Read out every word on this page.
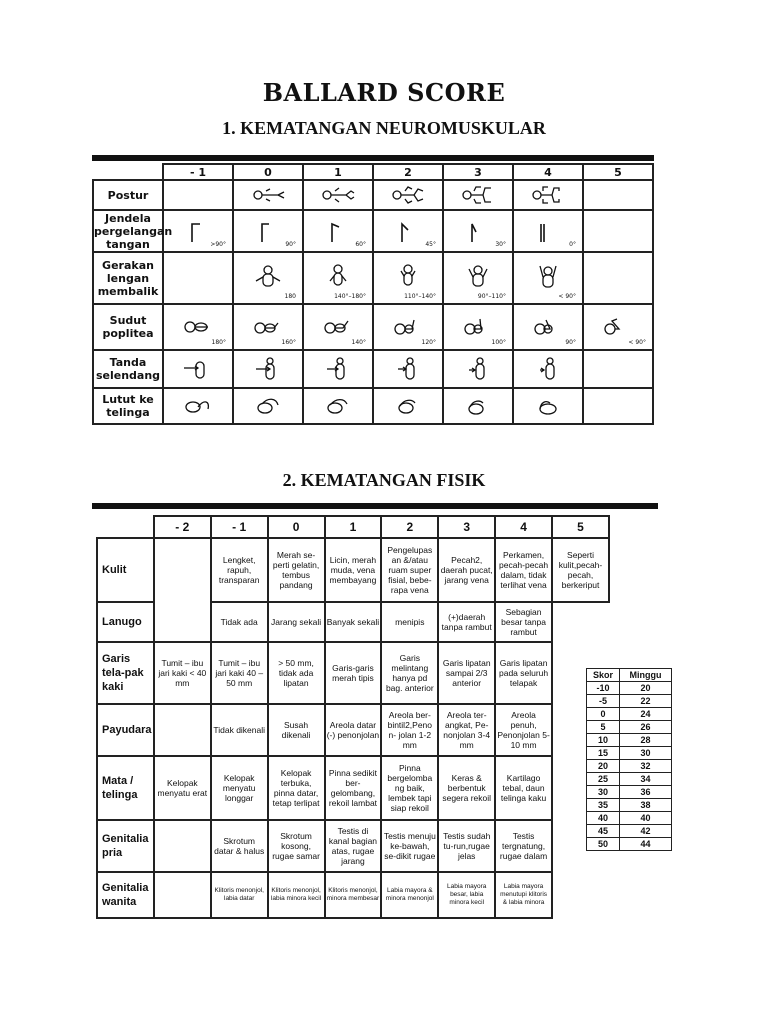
BALLARD SCORE
1. KEMATANGAN NEUROMUSKULAR
	- 1	0	1	2	3	4	5
Postur		

Jendela pergelangan tangan	>90°	90°	60°	45°	30°	0°	

Gerakan lengan membalik		180	140°–180°	110°–140°	90°–110°	< 90°	

Sudut poplitea	180°	160°	140°	120°	100°	90°	< 90°

Tanda selendang	

Lutut ke telinga	

2. KEMATANGAN FISIK
	- 2	- 1	0	1	2	3	4	5
Kulit		Lengket, rapuh, transparan	Merah se-perti gelatin, tembus pandang	Licin, merah muda, vena membayang	Pengelupas an &/atau ruam super fisial, bebe-rapa vena	Pecah2, daerah pucat, jarang vena	Perkamen, pecah-pecah dalam, tidak terlihat vena	Seperti kulit,pecah-pecah, berkeriput
Lanugo		Tidak ada	Jarang sekali	Banyak sekali	menipis	(+)daerah tanpa rambut	Sebagian besar tanpa rambut	
Garis tela-pak kaki	Tumit – ibu jari kaki < 40 mm	Tumit – ibu jari kaki 40 –50 mm	> 50 mm, tidak ada lipatan	Garis-garis merah tipis	Garis melintang hanya pd bag. anterior	Garis lipatan sampai 2/3 anterior	Garis lipatan pada seluruh telapak	
Payudara		Tidak dikenali	Susah dikenali	Areola datar (-) penonjolan	Areola ber-bintil2,Peno n- jolan 1-2 mm	Areola ter-angkat, Pe-nonjolan 3-4 mm	Areola penuh, Penonjolan 5- 10 mm	
Mata / telinga	Kelopak menyatu erat	Kelopak menyatu longgar	Kelopak terbuka, pinna datar, tetap terlipat	Pinna sedikit ber-gelombang, rekoil lambat	Pinna bergelomba ng baik, lembek tapi siap rekoil	Keras & berbentuk segera rekoil	Kartilago tebal, daun telinga kaku	
Genitalia pria		Skrotum datar & halus	Skrotum kosong, rugae samar	Testis di kanal bagian atas, rugae jarang	Testis menuju ke-bawah, se-dikit rugae	Testis sudah tu-run,rugae jelas	Testis tergnatung, rugae dalam	
Genitalia wanita		Klitoris menonjol, labia datar	Klitoris menonjol, labia minora kecil	Klitoris menonjol, minora membesar	Labia mayora & minora menonjol	Labia mayora besar, labia minora kecil	Labia mayora menutupi klitoris & labia minora	
Skor	Minggu
-10	20
-5	22
0	24
5	26
10	28
15	30
20	32
25	34
30	36
35	38
40	40
45	42
50	44
